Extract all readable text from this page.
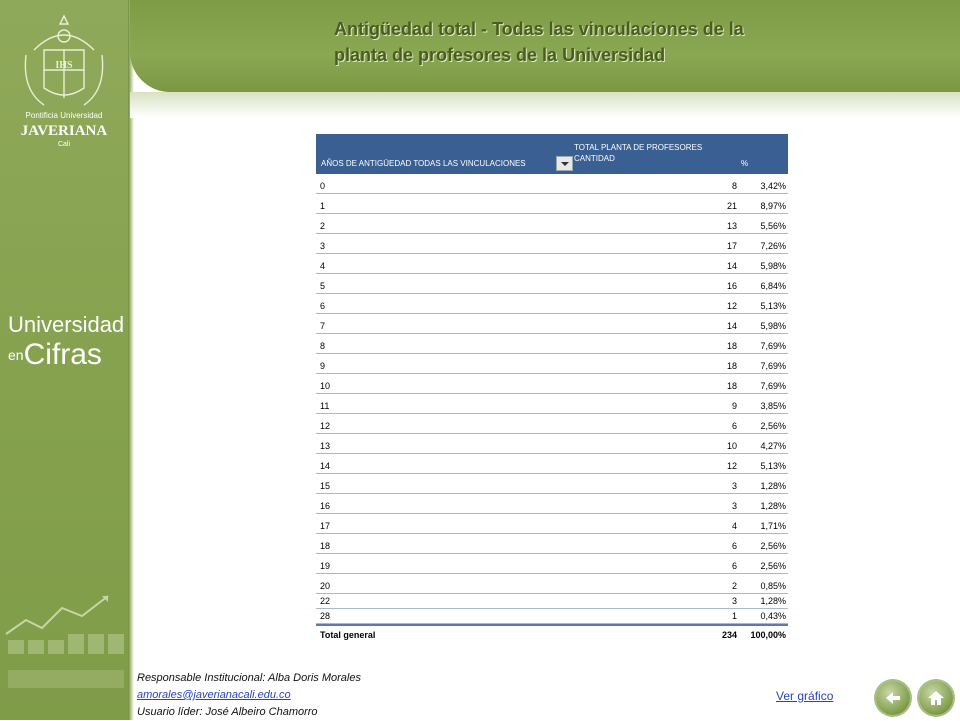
IHS
Pontificia Universidad
JAVERIANA
Cali
Universidad
enCifras
Antigüedad total - Todas las vinculaciones de la
planta de profesores de la Universidad
AÑOS DE ANTIGÜEDAD TODAS LAS VINCULACIONES
TOTAL PLANTA DE PROFESORES
CANTIDAD
%
0	8	3,42%
1	21	8,97%
2	13	5,56%
3	17	7,26%
4	14	5,98%
5	16	6,84%
6	12	5,13%
7	14	5,98%
8	18	7,69%
9	18	7,69%
10	18	7,69%
11	9	3,85%
12	6	2,56%
13	10	4,27%
14	12	5,13%
15	3	1,28%
16	3	1,28%
17	4	1,71%
18	6	2,56%
19	6	2,56%
20	2	0,85%
22	3	1,28%
28	1	0,43%
Total general	234 100,00%
Responsable Institucional: Alba Doris Morales
amorales@javerianacali.edu.co
Usuario líder: José Albeiro Chamorro
Ver gráfico
